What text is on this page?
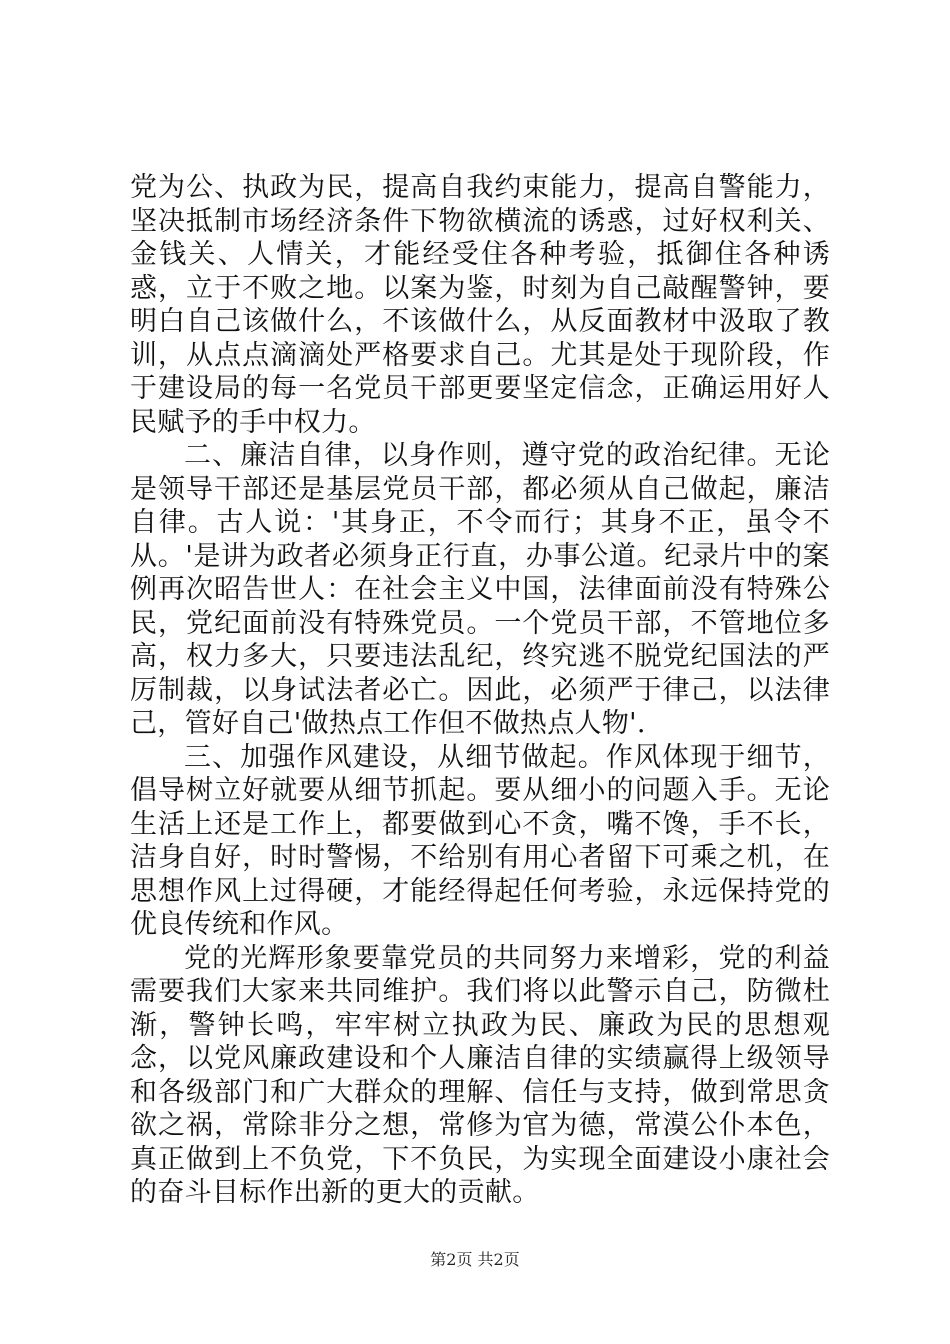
党为公、执政为民，提高自我约束能力，提高自警能力，坚决抵制市场经济条件下物欲横流的诱惑，过好权利关、金钱关、人情关，才能经受住各种考验，抵御住各种诱惑，立于不败之地。以案为鉴，时刻为自己敲醒警钟，要明白自己该做什么，不该做什么，从反面教材中汲取了教训，从点点滴滴处严格要求自己。尤其是处于现阶段，作于建设局的每一名党员干部更要坚定信念，正确运用好人民赋予的手中权力。

二、廉洁自律，以身作则，遵守党的政治纪律。无论是领导干部还是基层党员干部，都必须从自己做起，廉洁自律。古人说：'其身正，不令而行；其身不正，虽令不从。'是讲为政者必须身正行直，办事公道。纪录片中的案例再次昭告世人：在社会主义中国，法律面前没有特殊公民，党纪面前没有特殊党员。一个党员干部，不管地位多高，权力多大，只要违法乱纪，终究逃不脱党纪国法的严厉制裁，以身试法者必亡。因此，必须严于律己，以法律己，管好自己'做热点工作但不做热点人物'.

三、加强作风建设，从细节做起。作风体现于细节，倡导树立好就要从细节抓起。要从细小的问题入手。无论生活上还是工作上，都要做到心不贪，嘴不馋，手不长，洁身自好，时时警惕，不给别有用心者留下可乘之机，在思想作风上过得硬，才能经得起任何考验，永远保持党的优良传统和作风。

党的光辉形象要靠党员的共同努力来增彩，党的利益需要我们大家来共同维护。我们将以此警示自己，防微杜渐，警钟长鸣，牢牢树立执政为民、廉政为民的思想观念，以党风廉政建设和个人廉洁自律的实绩赢得上级领导和各级部门和广大群众的理解、信任与支持，做到常思贪欲之祸，常除非分之想，常修为官为德，常漠公仆本色，真正做到上不负党，下不负民，为实现全面建设小康社会的奋斗目标作出新的更大的贡献。

第2页 共2页
